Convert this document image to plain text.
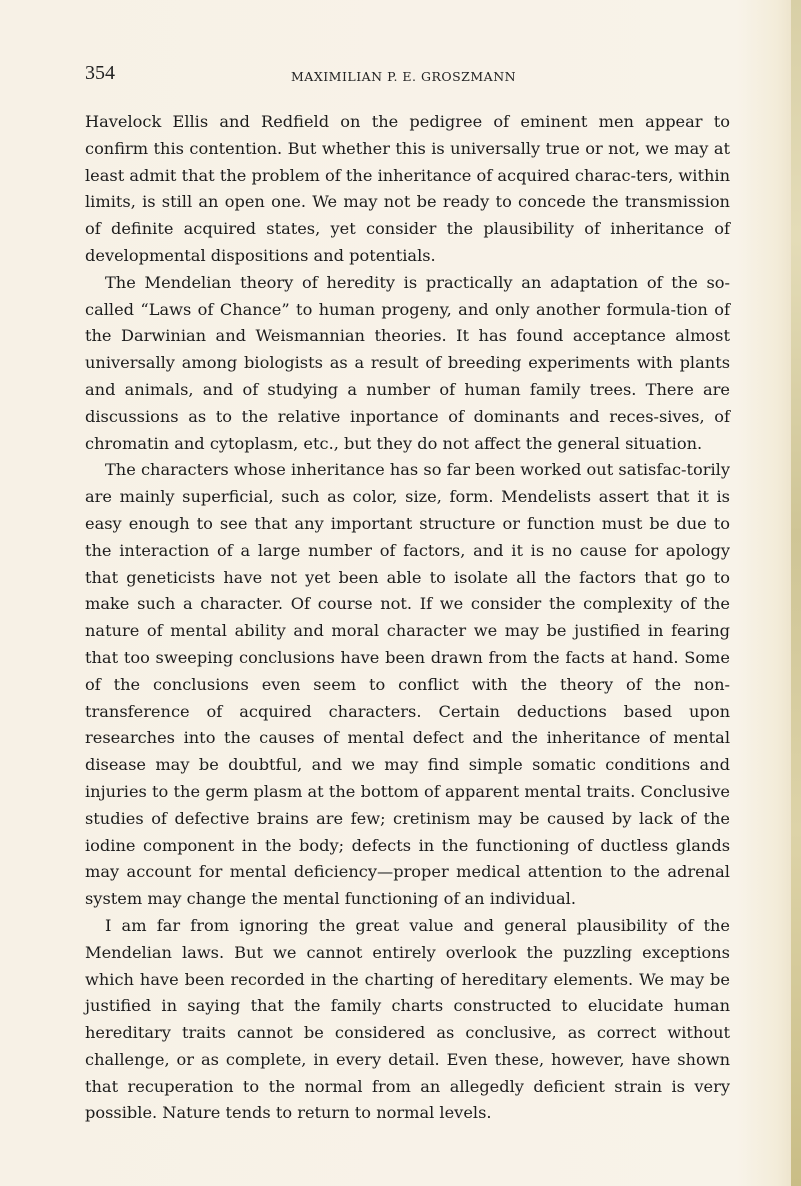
354	MAXIMILIAN P. E. GROSZMANN

Havelock Ellis and Redfield on the pedigree of eminent men appear to confirm this contention. But whether this is universally true or not, we may at least admit that the problem of the inheritance of acquired charac-ters, within limits, is still an open one. We may not be ready to concede the transmission of definite acquired states, yet consider the plausibility of inheritance of developmental dispositions and potentials.

The Mendelian theory of heredity is practically an adaptation of the so-called “Laws of Chance” to human progeny, and only another formula-tion of the Darwinian and Weismannian theories. It has found acceptance almost universally among biologists as a result of breeding experiments with plants and animals, and of studying a number of human family trees. There are discussions as to the relative inportance of dominants and reces-sives, of chromatin and cytoplasm, etc., but they do not affect the general situation.

The characters whose inheritance has so far been worked out satisfac-torily are mainly superficial, such as color, size, form. Mendelists assert that it is easy enough to see that any important structure or function must be due to the interaction of a large number of factors, and it is no cause for apology that geneticists have not yet been able to isolate all the factors that go to make such a character. Of course not. If we consider the complexity of the nature of mental ability and moral character we may be justified in fearing that too sweeping conclusions have been drawn from the facts at hand. Some of the conclusions even seem to conflict with the theory of the non-transference of acquired characters. Certain deductions based upon researches into the causes of mental defect and the inheritance of mental disease may be doubtful, and we may find simple somatic conditions and injuries to the germ plasm at the bottom of apparent mental traits. Conclusive studies of defective brains are few; cretinism may be caused by lack of the iodine component in the body; defects in the functioning of ductless glands may account for mental deficiency—proper medical attention to the adrenal system may change the mental functioning of an individual.

I am far from ignoring the great value and general plausibility of the Mendelian laws. But we cannot entirely overlook the puzzling exceptions which have been recorded in the charting of hereditary elements. We may be justified in saying that the family charts constructed to elucidate human hereditary traits cannot be considered as conclusive, as correct without challenge, or as complete, in every detail. Even these, however, have shown that recuperation to the normal from an allegedly deficient strain is very possible. Nature tends to return to normal levels.
